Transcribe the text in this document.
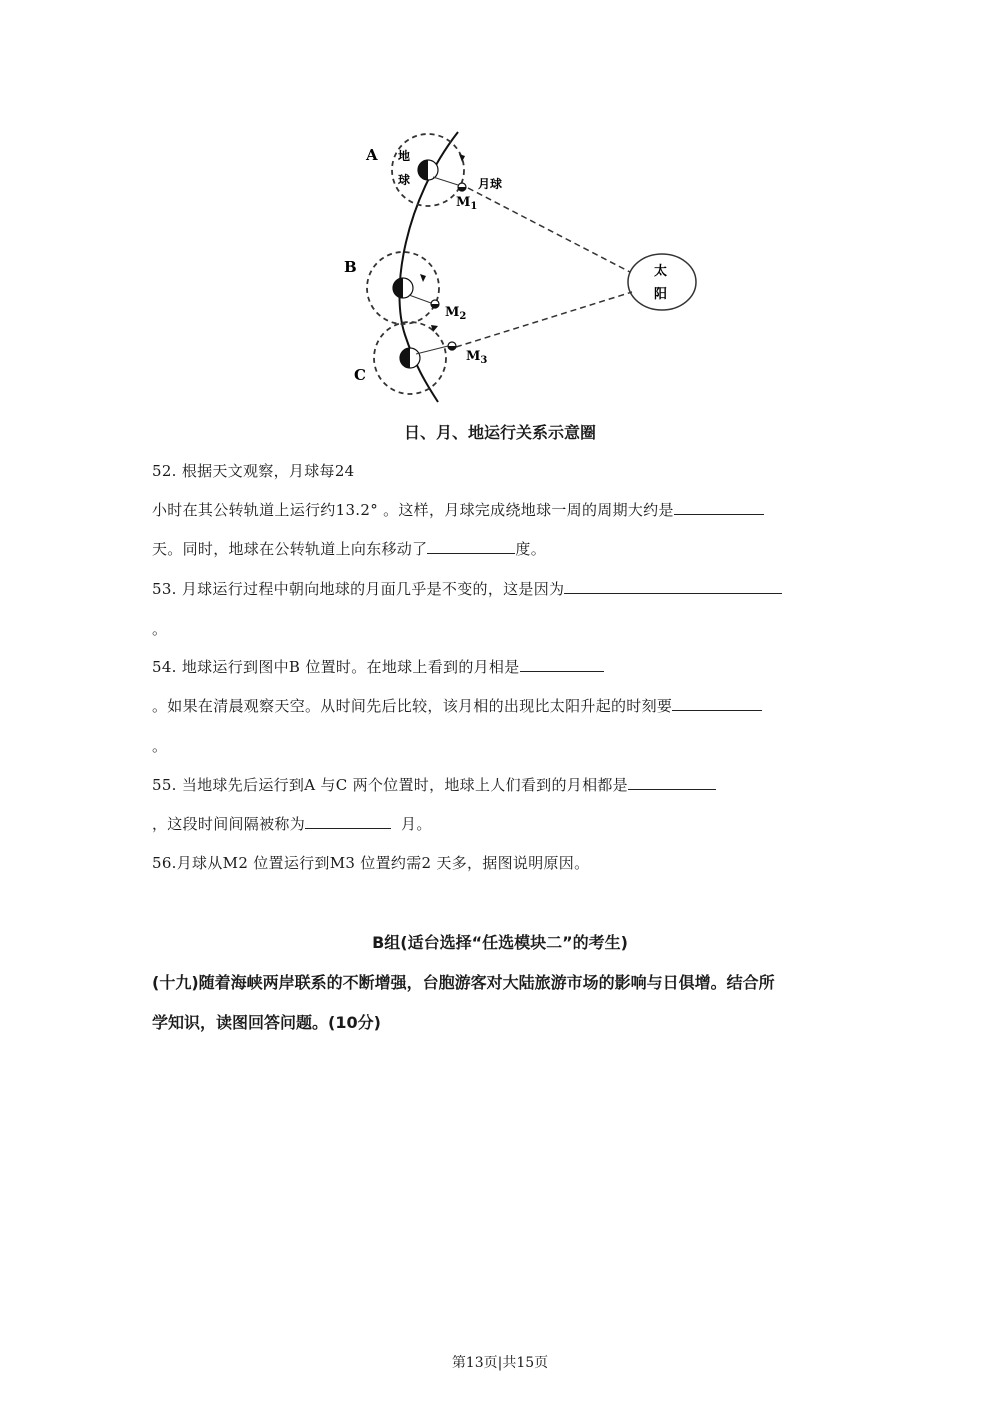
太
阳
A 地
球	月球
$M_1$
B
$M_2$
C
$M_3$
日、月、地运行关系示意圈
52. 根据天文观察，月球每24
小时在其公转轨道上运行约13.2° 。这样，月球完成绕地球一周的周期大约是
天。同时，地球在公转轨道上向东移动了	度。
53. 月球运行过程中朝向地球的月面几乎是不变的，这是因为
。
54. 地球运行到图中B 位置时。在地球上看到的月相是
。如果在清晨观察天空。从时间先后比较，该月相的出现比太阳升起的时刻要
。
55. 当地球先后运行到A 与C 两个位置时，地球上人们看到的月相都是
，这段时间间隔被称为	月。
56.月球从M2 位置运行到M3 位置约需2 天多，据图说明原因。
B组(适台选择“任选模块二”的考生)
(十九)随着海峡两岸联系的不断增强，台胞游客对大陆旅游市场的影响与日俱增。结合所
学知识，读图回答问题。(10分)
第13页|共15页
